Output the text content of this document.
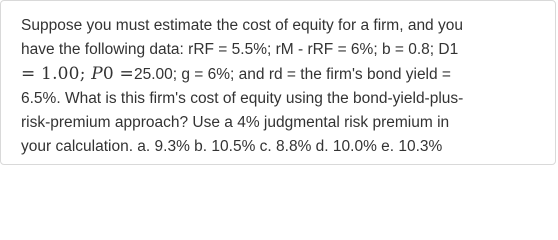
Suppose you must estimate the cost of equity for a firm, and you
have the following data: rRF = 5.5%; rM - rRF = 6%; b = 0.8; D1
= 1.00; P0 =25.00; g = 6%; and rd = the firm's bond yield =
6.5%. What is this firm's cost of equity using the bond-yield-plus-
risk-premium approach? Use a 4% judgmental risk premium in
your calculation. a. 9.3% b. 10.5% c. 8.8% d. 10.0% e. 10.3%
